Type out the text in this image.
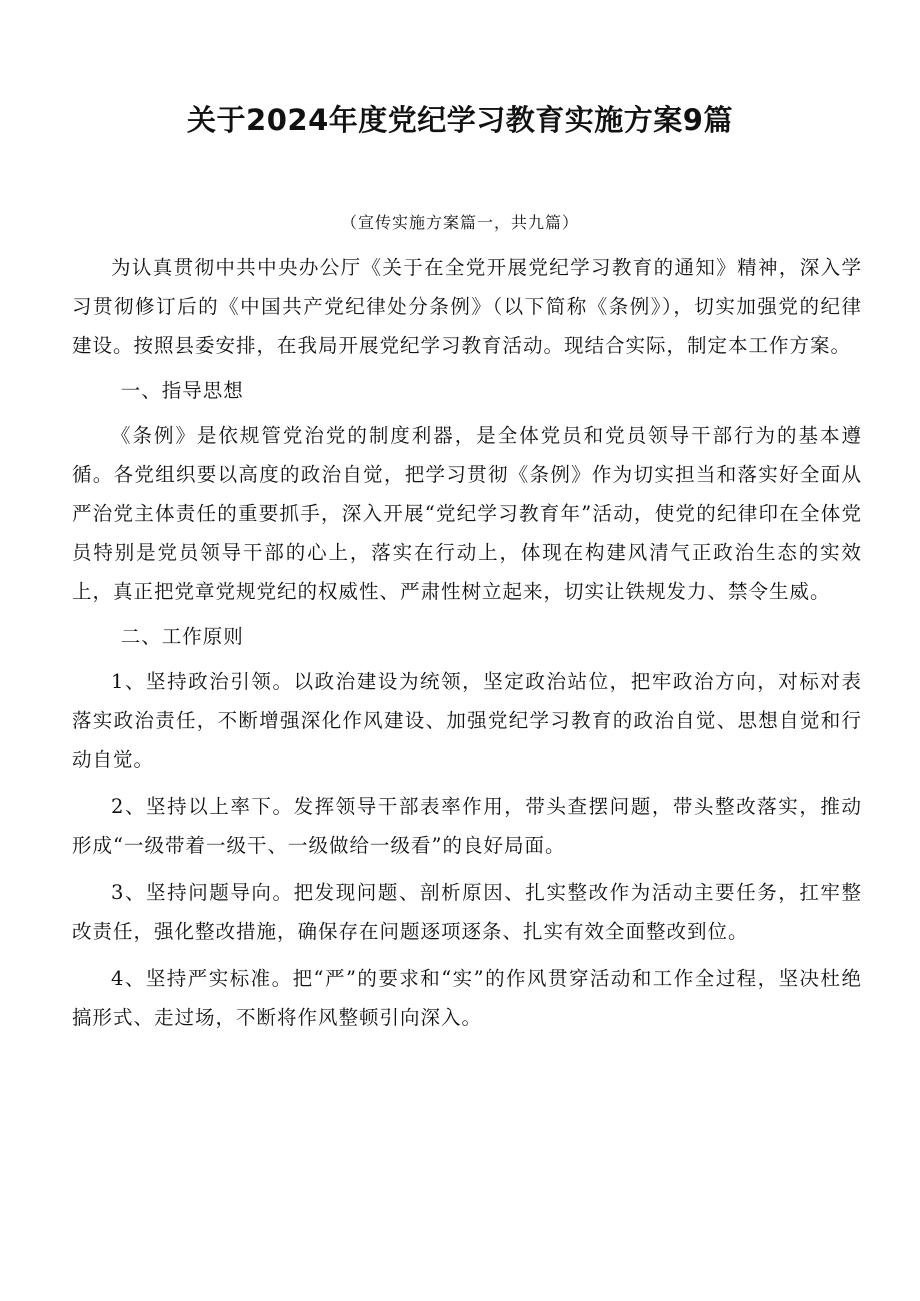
关于2024年度党纪学习教育实施方案9篇

（宣传实施方案篇一，共九篇）

为认真贯彻中共中央办公厅《关于在全党开展党纪学习教育的通知》精神，深入学习贯彻修订后的《中国共产党纪律处分条例》（以下简称《条例》），切实加强党的纪律建设。按照县委安排，在我局开展党纪学习教育活动。现结合实际，制定本工作方案。

一、指导思想

《条例》是依规管党治党的制度利器，是全体党员和党员领导干部行为的基本遵循。各党组织要以高度的政治自觉，把学习贯彻《条例》作为切实担当和落实好全面从严治党主体责任的重要抓手，深入开展“党纪学习教育年”活动，使党的纪律印在全体党员特别是党员领导干部的心上，落实在行动上，体现在构建风清气正政治生态的实效上，真正把党章党规党纪的权威性、严肃性树立起来，切实让铁规发力、禁令生威。

二、工作原则

1、坚持政治引领。以政治建设为统领，坚定政治站位，把牢政治方向，对标对表落实政治责任，不断增强深化作风建设、加强党纪学习教育的政治自觉、思想自觉和行动自觉。

2、坚持以上率下。发挥领导干部表率作用，带头查摆问题，带头整改落实，推动形成“一级带着一级干、一级做给一级看”的良好局面。

3、坚持问题导向。把发现问题、剖析原因、扎实整改作为活动主要任务，扛牢整改责任，强化整改措施，确保存在问题逐项逐条、扎实有效全面整改到位。

4、坚持严实标准。把“严”的要求和“实”的作风贯穿活动和工作全过程，坚决杜绝搞形式、走过场，不断将作风整顿引向深入。
